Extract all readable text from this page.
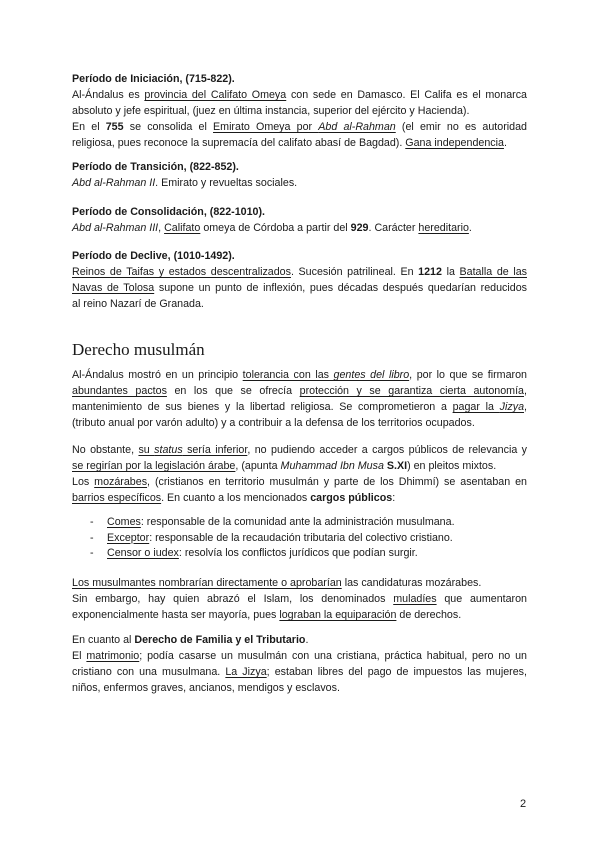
Período de Iniciación, (715-822).
Al-Ándalus es provincia del Califato Omeya con sede en Damasco. El Califa es el monarca
absoluto y jefe espiritual, (juez en última instancia, superior del ejército y Hacienda).
En el 755 se consolida el Emirato Omeya por Abd al-Rahman (el emir no es autoridad
religiosa, pues reconoce la supremacía del califato abasí de Bagdad). Gana independencia.
Período de Transición, (822-852).
Abd al-Rahman II. Emirato y revueltas sociales.
Período de Consolidación, (822-1010).
Abd al-Rahman III, Califato omeya de Córdoba a partir del 929. Carácter hereditario.
Período de Declive, (1010-1492).
Reinos de Taifas y estados descentralizados. Sucesión patrilineal. En 1212 la Batalla de las
Navas de Tolosa supone un punto de inflexión, pues décadas después quedarían reducidos
al reino Nazarí de Granada.
Derecho musulmán
Al-Ándalus mostró en un principio tolerancia con las gentes del libro, por lo que se firmaron
abundantes pactos en los que se ofrecía protección y se garantiza cierta autonomía,
mantenimiento de sus bienes y la libertad religiosa. Se comprometieron a pagar la Jizya,
(tributo anual por varón adulto) y a contribuir a la defensa de los territorios ocupados.
No obstante, su status sería inferior, no pudiendo acceder a cargos públicos de relevancia y
se regirían por la legislación árabe, (apunta Muhammad Ibn Musa S.XI) en pleitos mixtos.
Los mozárabes, (cristianos en territorio musulmán y parte de los Dhimmí) se asentaban en
barrios específicos. En cuanto a los mencionados cargos públicos:
- Comes: responsable de la comunidad ante la administración musulmana.
- Exceptor: responsable de la recaudación tributaria del colectivo cristiano.
- Censor o iudex: resolvía los conflictos jurídicos que podían surgir.
Los musulmantes nombrarían directamente o aprobarían las candidaturas mozárabes.
Sin embargo, hay quien abrazó el Islam, los denominados muladíes que aumentaron
exponencialmente hasta ser mayoría, pues lograban la equiparación de derechos.
En cuanto al Derecho de Familia y el Tributario.
El matrimonio; podía casarse un musulmán con una cristiana, práctica habitual, pero no un
cristiano con una musulmana. La Jizya; estaban libres del pago de impuestos las mujeres,
niños, enfermos graves, ancianos, mendigos y esclavos.
2
